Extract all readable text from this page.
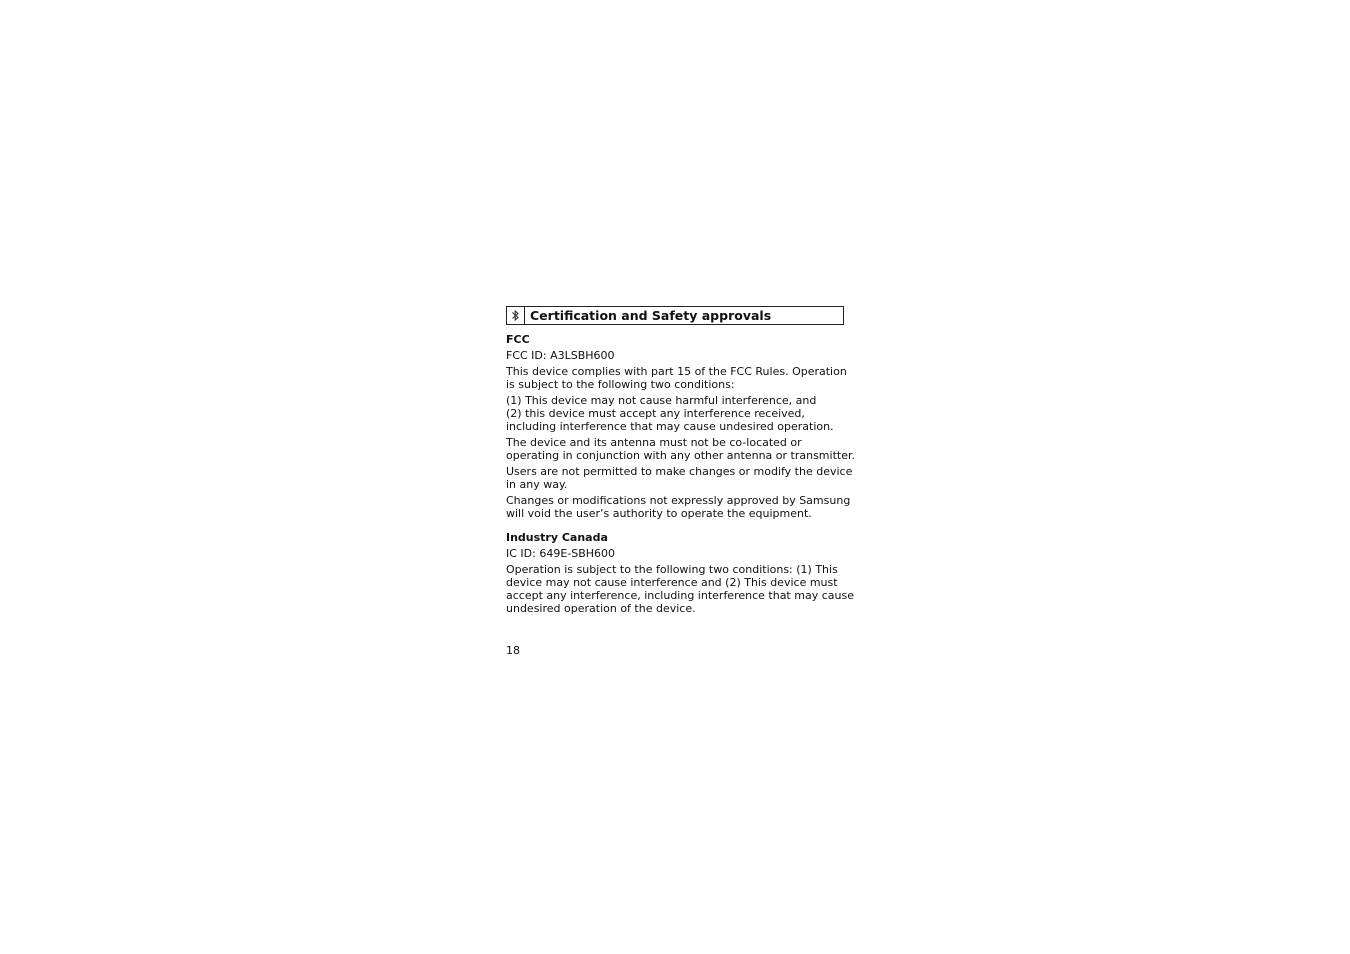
Certification and Safety approvals
FCC
FCC ID: A3LSBH600
This device complies with part 15 of the FCC Rules. Operation
is subject to the following two conditions:
(1) This device may not cause harmful interference, and
(2) this device must accept any interference received,
including interference that may cause undesired operation.
The device and its antenna must not be co-located or
operating in conjunction with any other antenna or transmitter.
Users are not permitted to make changes or modify the device
in any way.
Changes or modifications not expressly approved by Samsung
will void the user’s authority to operate the equipment.
Industry Canada
IC ID: 649E-SBH600
Operation is subject to the following two conditions: (1) This
device may not cause interference and (2) This device must
accept any interference, including interference that may cause
undesired operation of the device.
18
